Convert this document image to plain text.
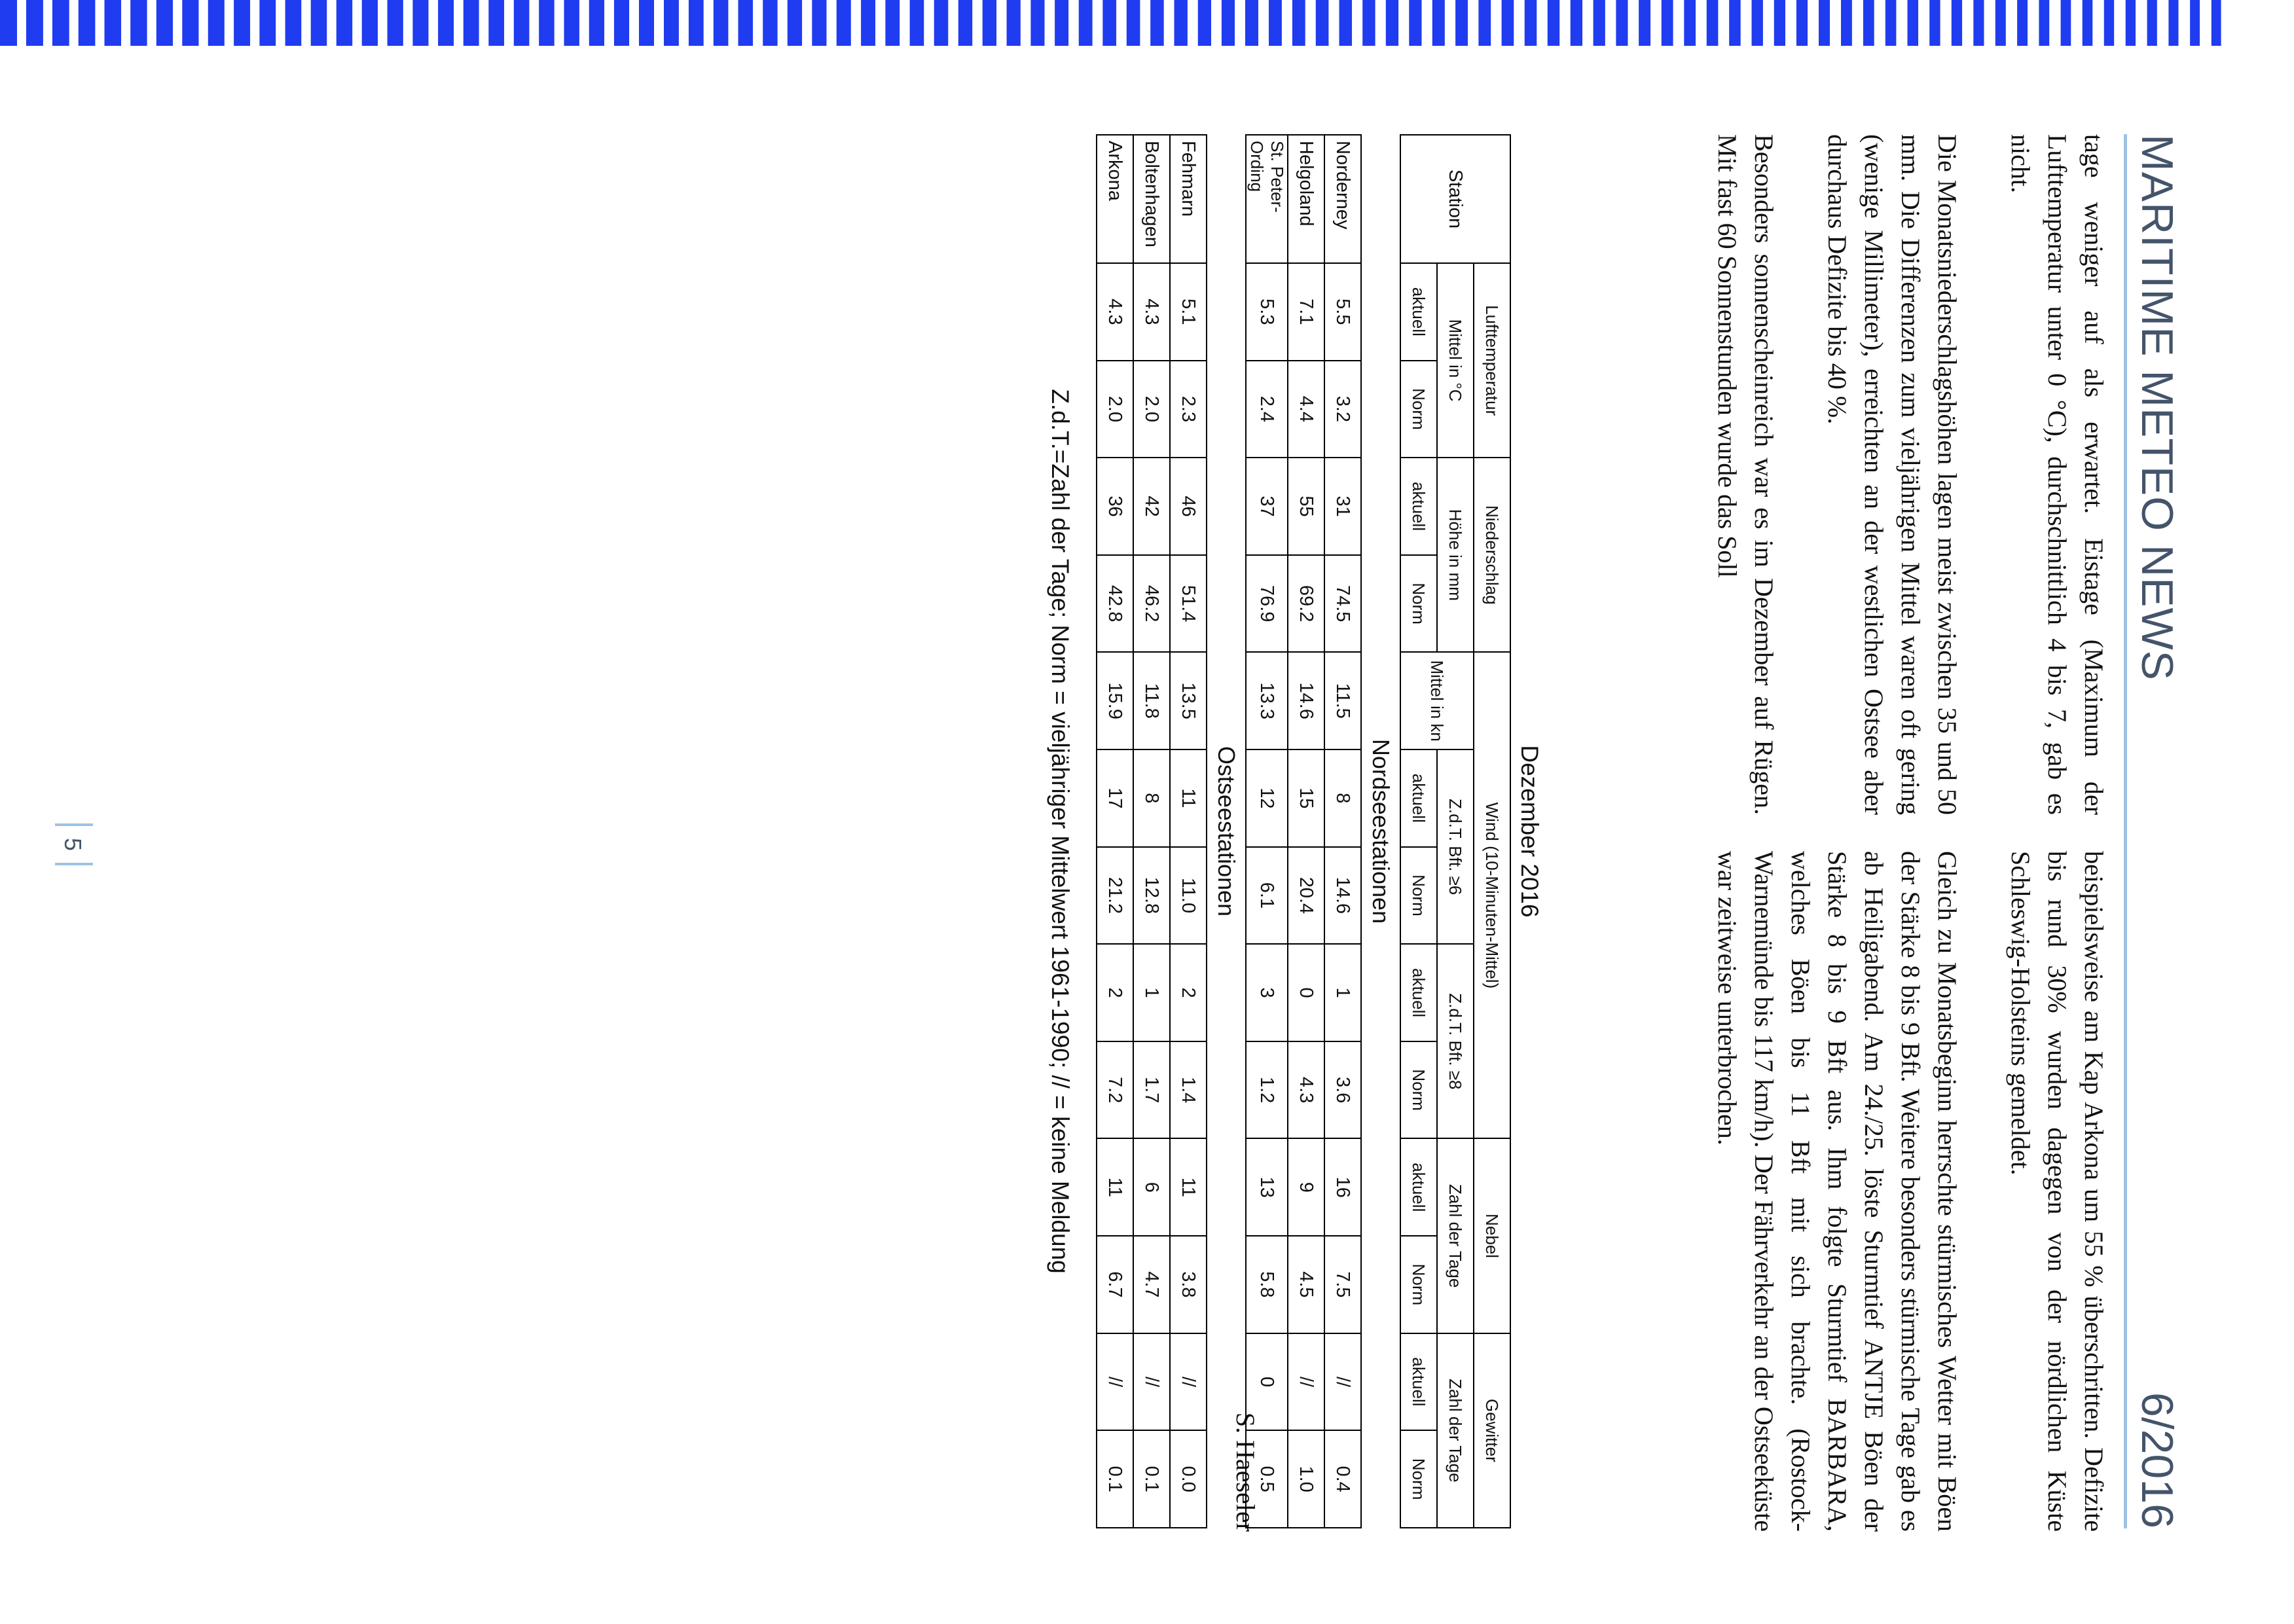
MARITIME METEO NEWS
6/2016

tage weniger auf als erwartet. Eistage (Maximum der Lufttemperatur unter 0 °C), durchschnittlich 4 bis 7, gab es nicht.

Die Monatsniederschlagshöhen lagen meist zwischen 35 und 50 mm. Die Differenzen zum vieljährigen Mittel waren oft gering (wenige Millimeter), erreichten an der westlichen Ostsee aber durchaus Defizite bis 40 %.

Besonders sonnenscheinreich war es im Dezember auf Rügen. Mit fast 60 Sonnenstunden wurde das Soll

beispielsweise am Kap Arkona um 55 % überschritten. Defizite bis rund 30% wurden dagegen von der nördlichen Küste Schleswig-Holsteins gemeldet.

Gleich zu Monatsbeginn herrschte stürmisches Wetter mit Böen der Stärke 8 bis 9 Bft. Weitere besonders stürmische Tage gab es ab Heiligabend. Am 24./25. löste Sturmtief ANTJE Böen der Stärke 8 bis 9 Bft aus. Ihm folgte Sturmtief BARBARA, welches Böen bis 11 Bft mit sich brachte. (Rostock-Warnemünde bis 117 km/h). Der Fährverkehr an der Ostseeküste war zeitweise unterbrochen.

S. Haeseler
Dezember 2016
Station	Lufttemperatur		Niederschlag		Wind (10-Minuten-Mittel)					Nebel		Gewitter	
	Mittel in °C		Höhe in mm		Mittel in kn	Z.d.T. Bft. ≥6		Z.d.T. Bft. ≥8		Zahl der Tage		Zahl der Tage	
	aktuell	Norm	aktuell	Norm		aktuell	Norm	aktuell	Norm	aktuell	Norm	aktuell	Norm
Nordseestationen													
Norderney	5.5	3.2	31	74.5	11.5	8	14.6	1	3.6	16	7.5	//	0.4
Helgoland	7.1	4.4	55	69.2	14.6	15	20.4	0	4.3	9	4.5	//	1.0
St. Peter-Ording	5.3	2.4	37	76.9	13.3	12	6.1	3	1.2	13	5.8	0	0.5
Ostseestationen													
Fehmarn	5.1	2.3	46	51.4	13.5	11	11.0	2	1.4	11	3.8	//	0.0
Boltenhagen	4.3	2.0	42	46.2	11.8	8	12.8	1	1.7	6	4.7	//	0.1
Arkona	4.3	2.0	36	42.8	15.9	17	21.2	2	7.2	11	6.7	//	0.1
Z.d.T.=Zahl der Tage; Norm = vieljähriger Mittelwert 1961-1990; // = keine Meldung
5
